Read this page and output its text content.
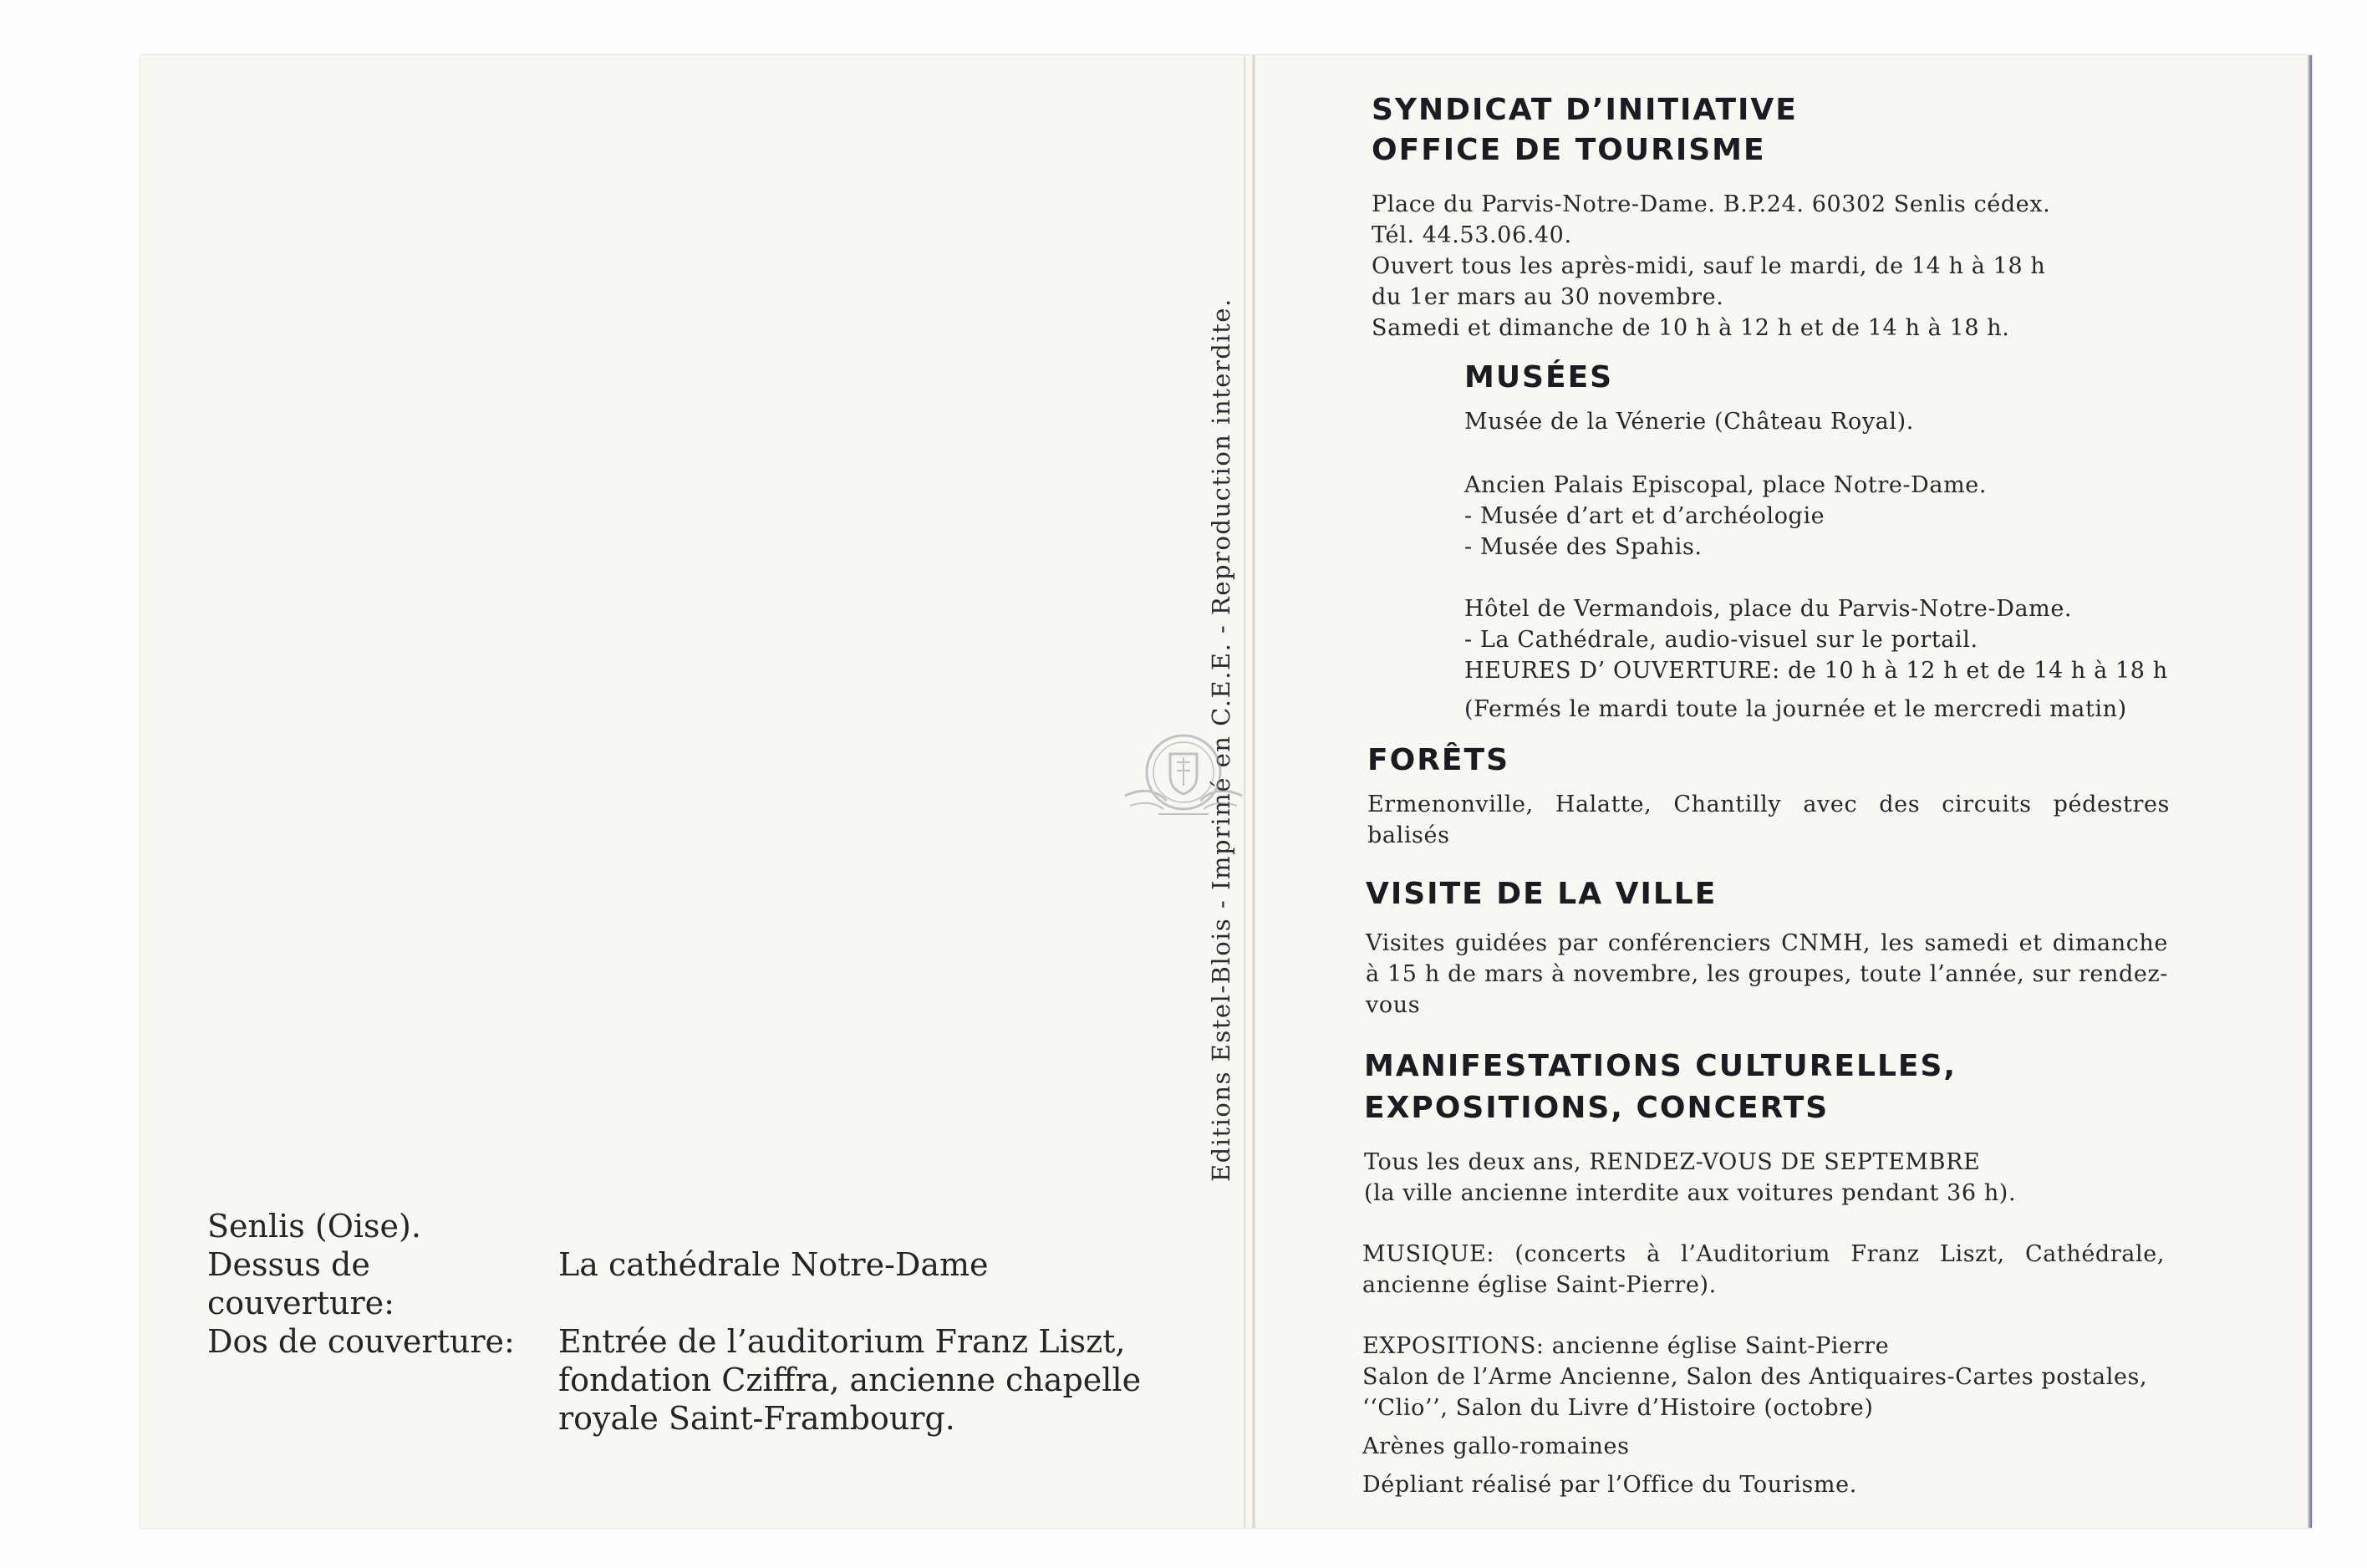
Editions Estel-Blois - Imprimé en C.E.E. - Reproduction interdite.
Senlis (Oise).
Dessus de couverture:
La cathédrale Notre-Dame
Dos de couverture:	Entrée de l’auditorium Franz Liszt,
fondation Cziffra, ancienne chapelle
royale Saint-Frambourg.
SYNDICAT D’INITIATIVE
OFFICE DE TOURISME
Place du Parvis-Notre-Dame. B.P.24. 60302 Senlis cédex.
Tél. 44.53.06.40.
Ouvert tous les après-midi, sauf le mardi, de 14 h à 18 h
du 1er mars au 30 novembre.
Samedi et dimanche de 10 h à 12 h et de 14 h à 18 h.
MUSÉES
Musée de la Vénerie (Château Royal).
Ancien Palais Episcopal, place Notre-Dame.
- Musée d’art et d’archéologie
- Musée des Spahis.
Hôtel de Vermandois, place du Parvis-Notre-Dame.
- La Cathédrale, audio-visuel sur le portail.
HEURES D’ OUVERTURE: de 10 h à 12 h et de 14 h à 18 h
(Fermés le mardi toute la journée et le mercredi matin)
FORÊTS
Ermenonville, Halatte, Chantilly avec des circuits pédestres balisés
VISITE DE LA VILLE
Visites guidées par conférenciers CNMH, les samedi et dimanche à 15 h de mars à novembre, les groupes, toute l’année, sur rendez-vous
MANIFESTATIONS CULTURELLES,
EXPOSITIONS, CONCERTS
Tous les deux ans, RENDEZ-VOUS DE SEPTEMBRE
(la ville ancienne interdite aux voitures pendant 36 h).
MUSIQUE: (concerts à l’Auditorium Franz Liszt, Cathédrale, ancienne église Saint-Pierre).
EXPOSITIONS: ancienne église Saint-Pierre
Salon de l’Arme Ancienne, Salon des Antiquaires-Cartes postales,
‘‘Clio’’, Salon du Livre d’Histoire (octobre)
Arènes gallo-romaines
Dépliant réalisé par l’Office du Tourisme.
